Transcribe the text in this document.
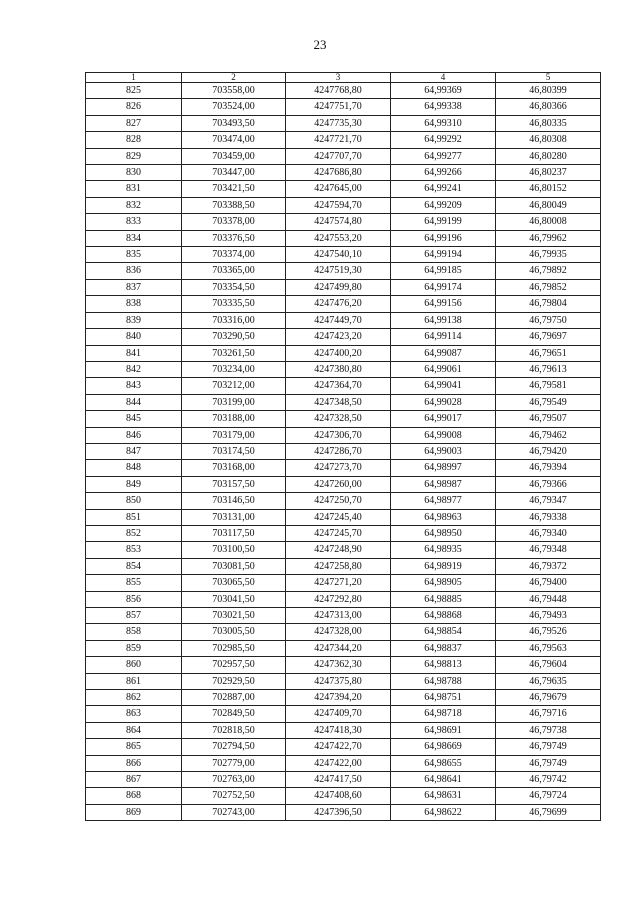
23
1	2	3	4	5
825	703558,00	4247768,80	64,99369	46,80399
826	703524,00	4247751,70	64,99338	46,80366
827	703493,50	4247735,30	64,99310	46,80335
828	703474,00	4247721,70	64,99292	46,80308
829	703459,00	4247707,70	64,99277	46,80280
830	703447,00	4247686,80	64,99266	46,80237
831	703421,50	4247645,00	64,99241	46,80152
832	703388,50	4247594,70	64,99209	46,80049
833	703378,00	4247574,80	64,99199	46,80008
834	703376,50	4247553,20	64,99196	46,79962
835	703374,00	4247540,10	64,99194	46,79935
836	703365,00	4247519,30	64,99185	46,79892
837	703354,50	4247499,80	64,99174	46,79852
838	703335,50	4247476,20	64,99156	46,79804
839	703316,00	4247449,70	64,99138	46,79750
840	703290,50	4247423,20	64,99114	46,79697
841	703261,50	4247400,20	64,99087	46,79651
842	703234,00	4247380,80	64,99061	46,79613
843	703212,00	4247364,70	64,99041	46,79581
844	703199,00	4247348,50	64,99028	46,79549
845	703188,00	4247328,50	64,99017	46,79507
846	703179,00	4247306,70	64,99008	46,79462
847	703174,50	4247286,70	64,99003	46,79420
848	703168,00	4247273,70	64,98997	46,79394
849	703157,50	4247260,00	64,98987	46,79366
850	703146,50	4247250,70	64,98977	46,79347
851	703131,00	4247245,40	64,98963	46,79338
852	703117,50	4247245,70	64,98950	46,79340
853	703100,50	4247248,90	64,98935	46,79348
854	703081,50	4247258,80	64,98919	46,79372
855	703065,50	4247271,20	64,98905	46,79400
856	703041,50	4247292,80	64,98885	46,79448
857	703021,50	4247313,00	64,98868	46,79493
858	703005,50	4247328,00	64,98854	46,79526
859	702985,50	4247344,20	64,98837	46,79563
860	702957,50	4247362,30	64,98813	46,79604
861	702929,50	4247375,80	64,98788	46,79635
862	702887,00	4247394,20	64,98751	46,79679
863	702849,50	4247409,70	64,98718	46,79716
864	702818,50	4247418,30	64,98691	46,79738
865	702794,50	4247422,70	64,98669	46,79749
866	702779,00	4247422,00	64,98655	46,79749
867	702763,00	4247417,50	64,98641	46,79742
868	702752,50	4247408,60	64,98631	46,79724
869	702743,00	4247396,50	64,98622	46,79699
